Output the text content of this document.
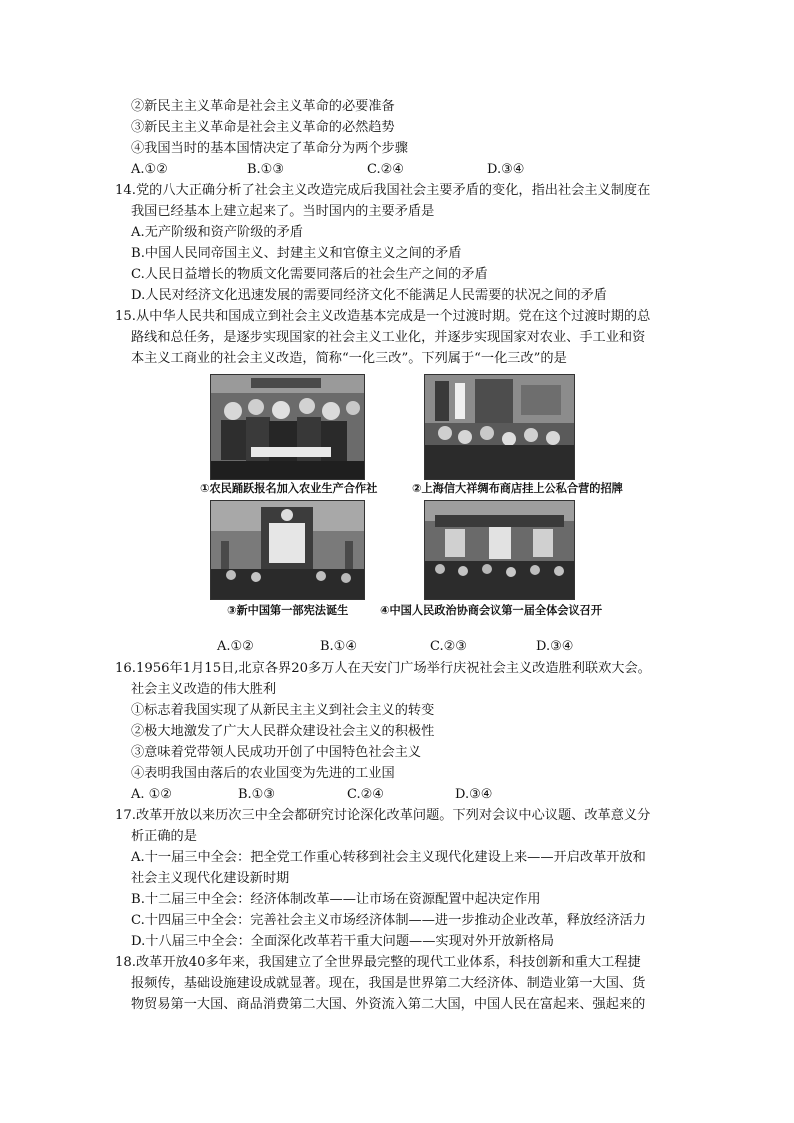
②新民主主义革命是社会主义革命的必要准备
③新民主主义革命是社会主义革命的必然趋势
④我国当时的基本国情决定了革命分为两个步骤
A.①②	B.①③	C.②④	D.③④
14.党的八大正确分析了社会主义改造完成后我国社会主要矛盾的变化，指出社会主义制度在
我国已经基本上建立起来了。当时国内的主要矛盾是
A.无产阶级和资产阶级的矛盾
B.中国人民同帝国主义、封建主义和官僚主义之间的矛盾
C.人民日益增长的物质文化需要同落后的社会生产之间的矛盾
D.人民对经济文化迅速发展的需要同经济文化不能满足人民需要的状况之间的矛盾
15.从中华人民共和国成立到社会主义改造基本完成是一个过渡时期。党在这个过渡时期的总
路线和总任务，是逐步实现国家的社会主义工业化，并逐步实现国家对农业、手工业和资
本主义工商业的社会主义改造，简称“一化三改”。下列属于“一化三改”的是
①农民踊跃报名加入农业生产合作社	②上海信大祥绸布商店挂上公私合营的招牌
③新中国第一部宪法诞生	④中国人民政治协商会议第一届全体会议召开
A.①②	B.①④	C.②③	D.③④
16.1956年1月15日,北京各界20多万人在天安门广场举行庆祝社会主义改造胜利联欢大会。
社会主义改造的伟大胜利
①标志着我国实现了从新民主主义到社会主义的转变
②极大地激发了广大人民群众建设社会主义的积极性
③意味着党带领人民成功开创了中国特色社会主义
④表明我国由落后的农业国变为先进的工业国
A. ①②	B.①③	C.②④	D.③④
17.改革开放以来历次三中全会都研究讨论深化改革问题。下列对会议中心议题、改革意义分
析正确的是
A.十一届三中全会：把全党工作重心转移到社会主义现代化建设上来——开启改革开放和
社会主义现代化建设新时期
B.十二届三中全会：经济体制改革——让市场在资源配置中起决定作用
C.十四届三中全会：完善社会主义市场经济体制——进一步推动企业改革，释放经济活力
D.十八届三中全会：全面深化改革若干重大问题——实现对外开放新格局
18.改革开放40多年来，我国建立了全世界最完整的现代工业体系，科技创新和重大工程捷
报频传，基础设施建设成就显著。现在，我国是世界第二大经济体、制造业第一大国、货
物贸易第一大国、商品消费第二大国、外资流入第二大国，中国人民在富起来、强起来的
